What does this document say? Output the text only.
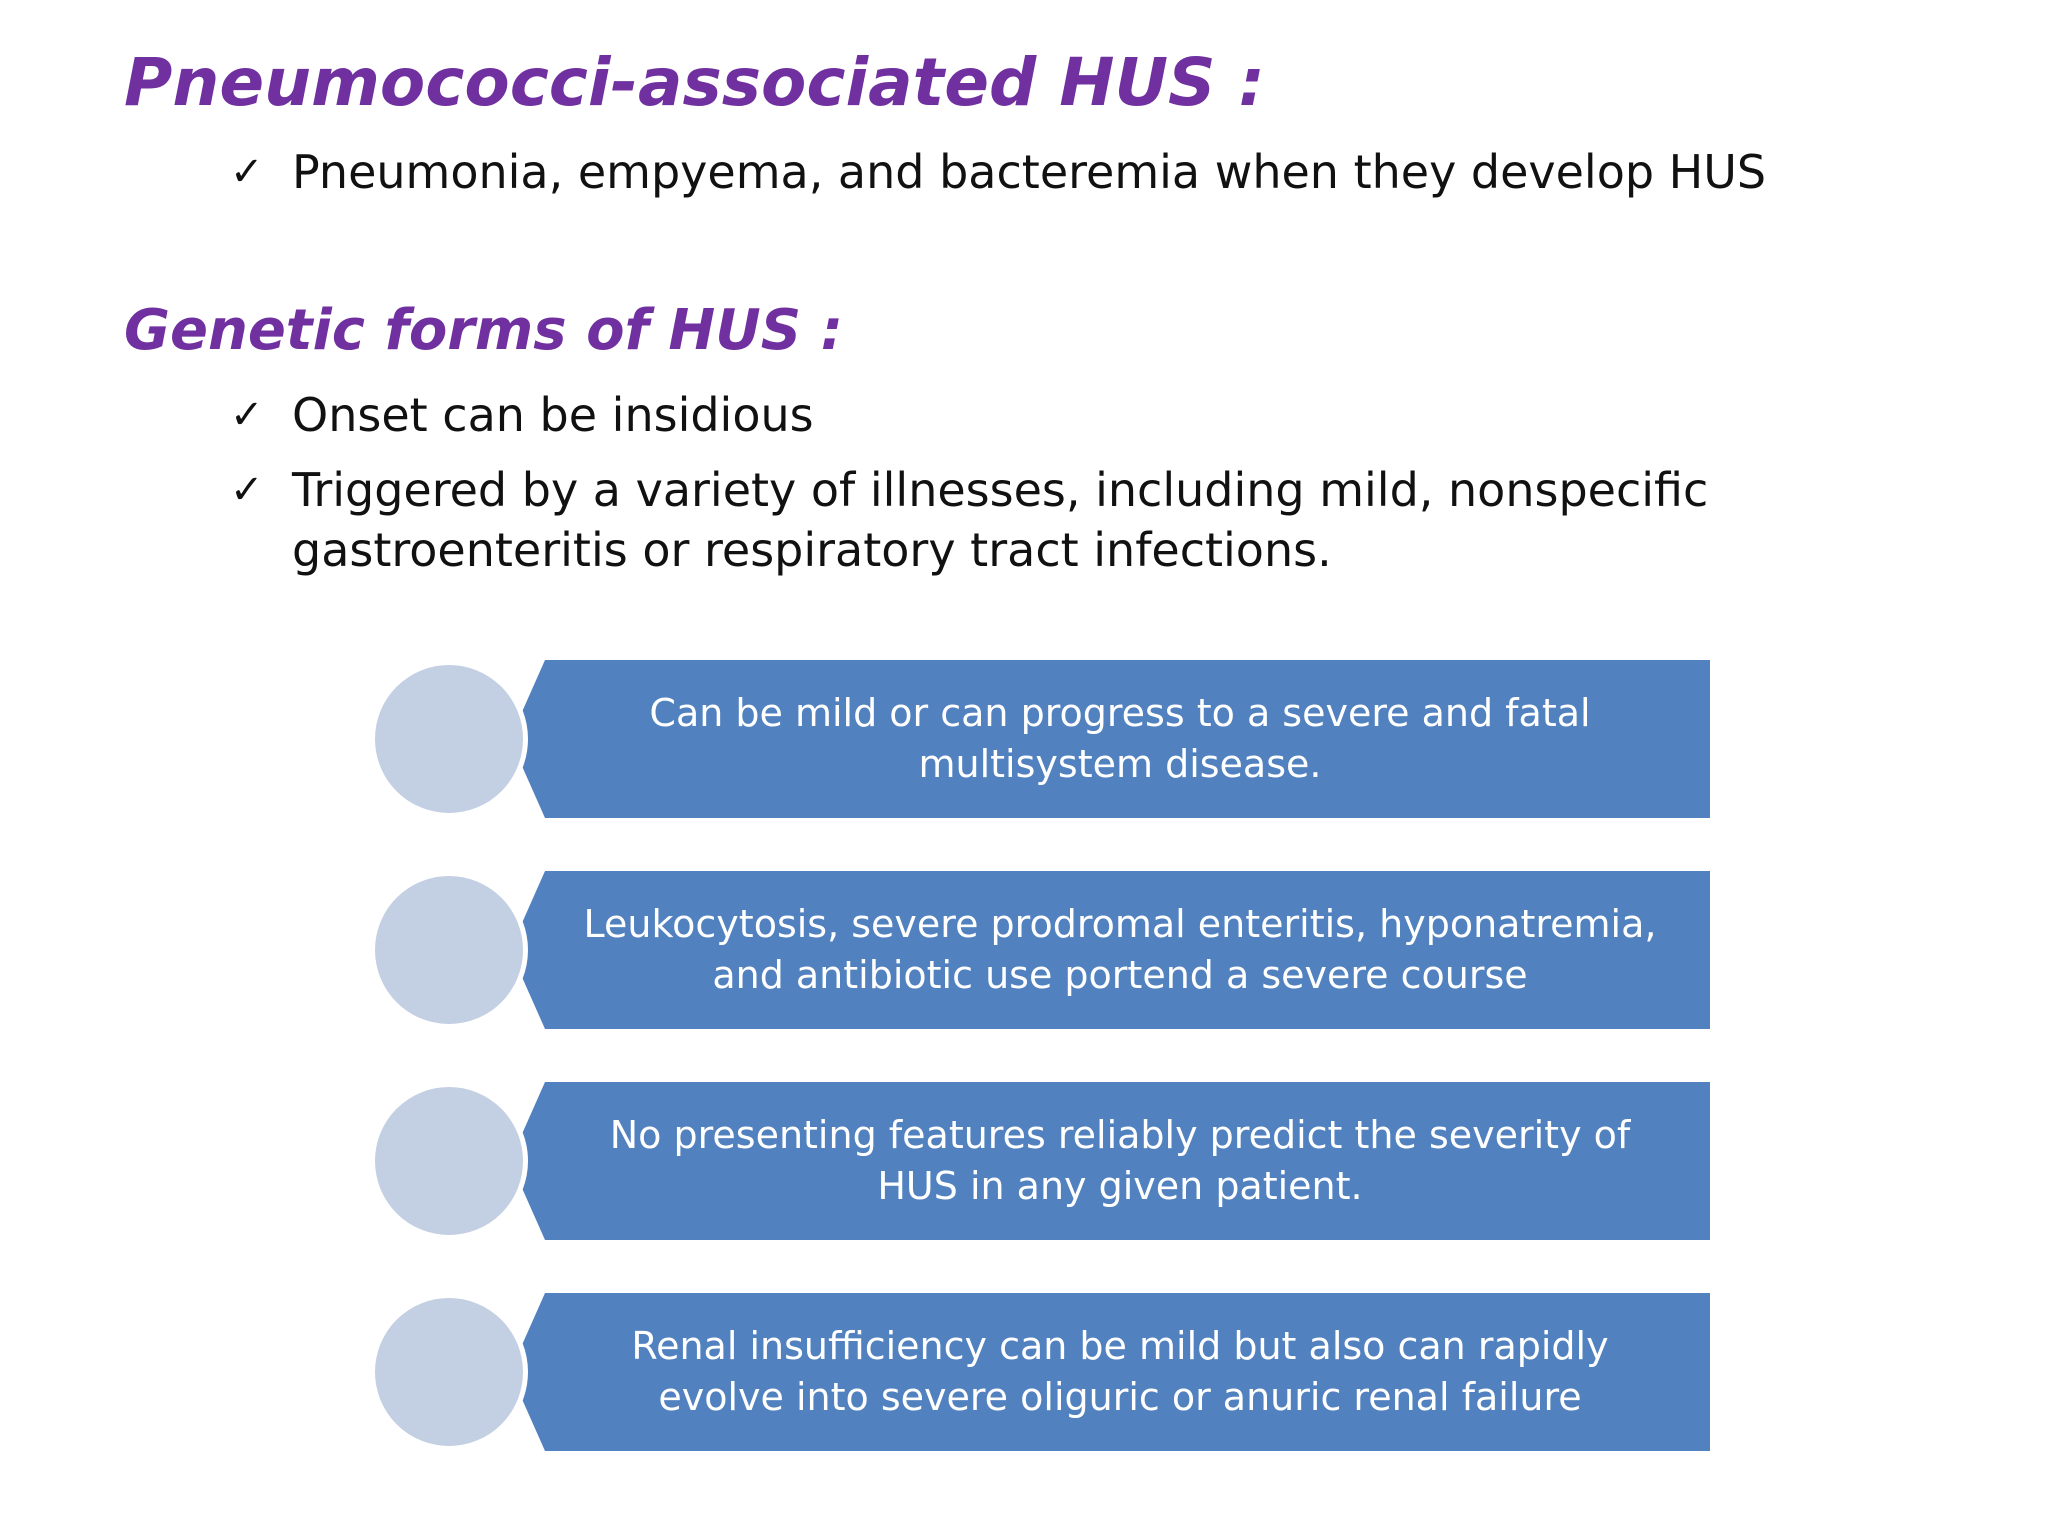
Pneumococci-associated HUS :
✓ Pneumonia, empyema, and bacteremia when they develop HUS
Genetic forms of HUS :
✓ Onset can be insidious
✓ Triggered by a variety of illnesses, including mild, nonspecific gastroenteritis or respiratory tract infections.
Can be mild or can progress to a severe and fatal multisystem disease.
Leukocytosis, severe prodromal enteritis, hyponatremia, and antibiotic use portend a severe course
No presenting features reliably predict the severity of HUS in any given patient.
Renal insufficiency can be mild but also can rapidly evolve into severe oliguric or anuric renal failure
